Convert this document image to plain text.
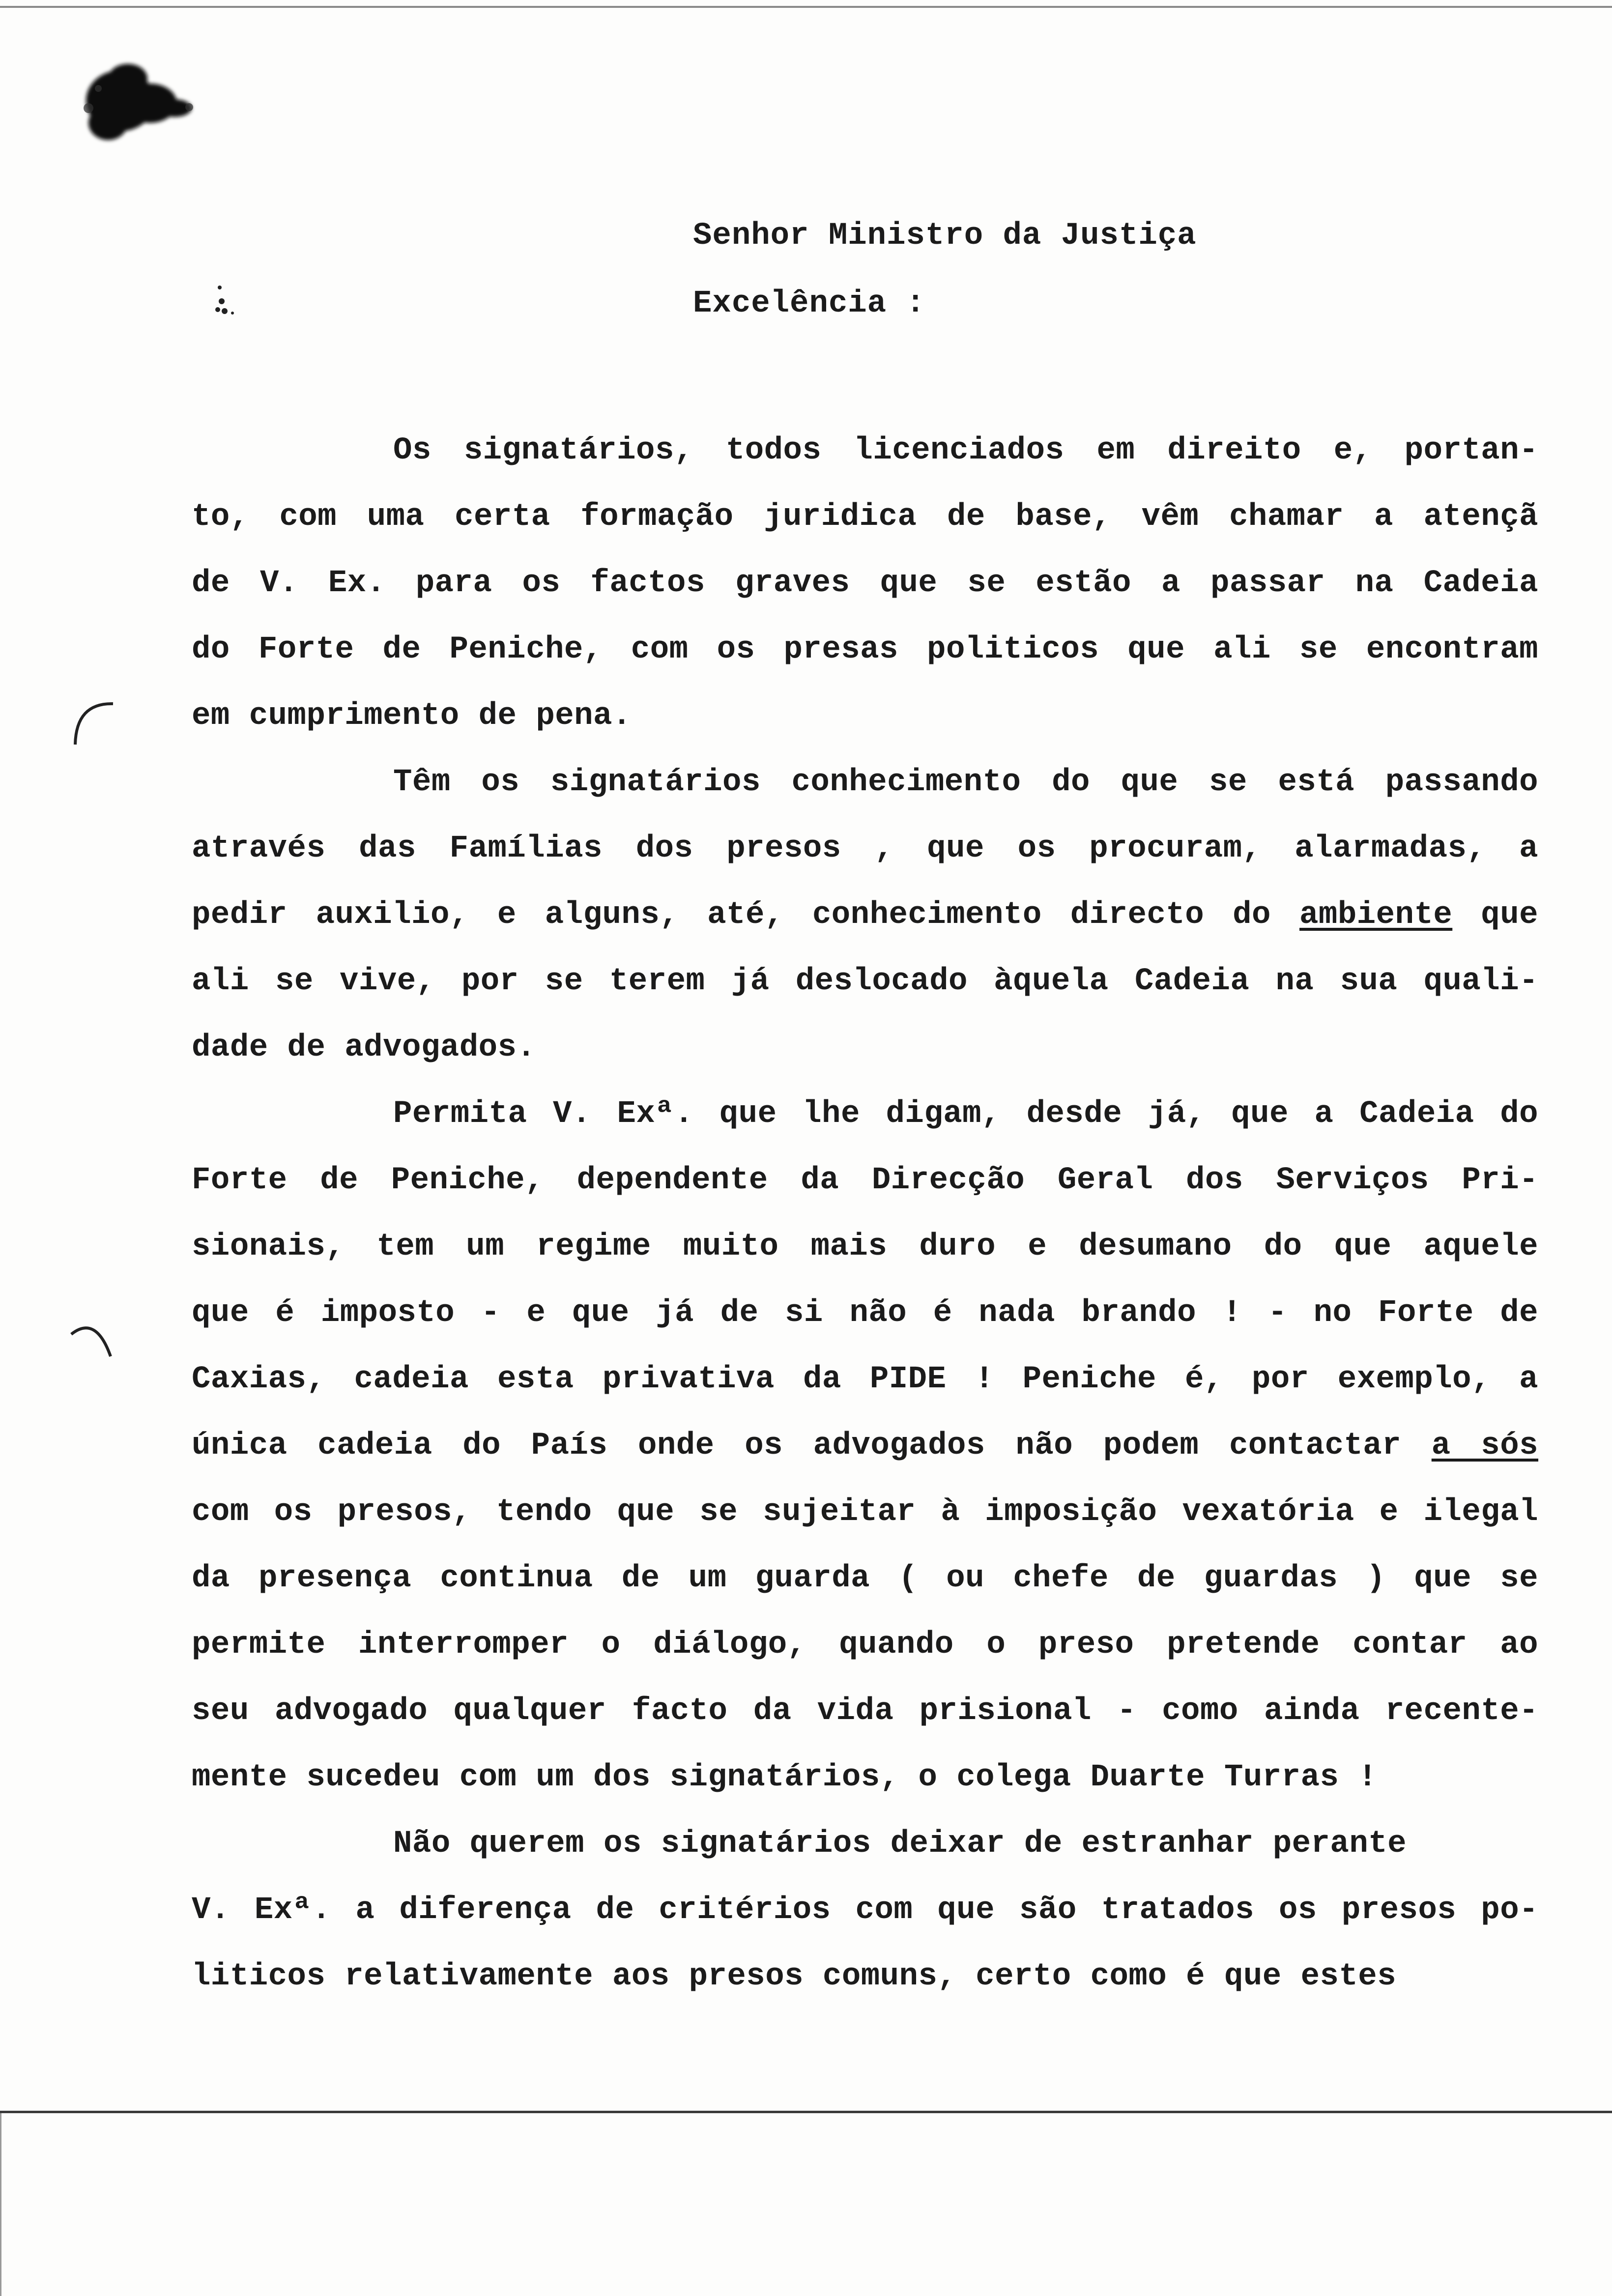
Senhor Ministro da Justiça
Excelência :
Os signatários, todos licenciados em direito e, portan-
to, com uma certa formação juridica de base, vêm chamar a atençã
de V. Ex. para os factos graves que se estão a passar na Cadeia
do Forte de Peniche, com os presas politicos que ali se encontram
em cumprimento de pena.
Têm os signatários conhecimento do que se está passando
através das Famílias dos presos , que os procuram, alarmadas, a
pedir auxilio, e alguns, até, conhecimento directo do ambiente que
ali se vive, por se terem já deslocado àquela Cadeia na sua quali-
dade de advogados.
Permita V. Exª. que lhe digam, desde já, que a Cadeia do
Forte de Peniche, dependente da Direcção Geral dos Serviços Pri-
sionais, tem um regime muito mais duro e desumano do que aquele
que é imposto - e que já de si não é nada brando ! - no Forte de
Caxias, cadeia esta privativa da PIDE ! Peniche é, por exemplo, a
única cadeia do País onde os advogados não podem contactar a sós
com os presos, tendo que se sujeitar à imposição vexatória e ilegal
da presença continua de um guarda ( ou chefe de guardas ) que se
permite interromper o diálogo, quando o preso pretende contar ao
seu advogado qualquer facto da vida prisional - como ainda recente-
mente sucedeu com um dos signatários, o colega Duarte Turras !
Não querem os signatários deixar de estranhar perante
V. Exª. a diferença de critérios com que são tratados os presos po-
liticos relativamente aos presos comuns, certo como é que estes
